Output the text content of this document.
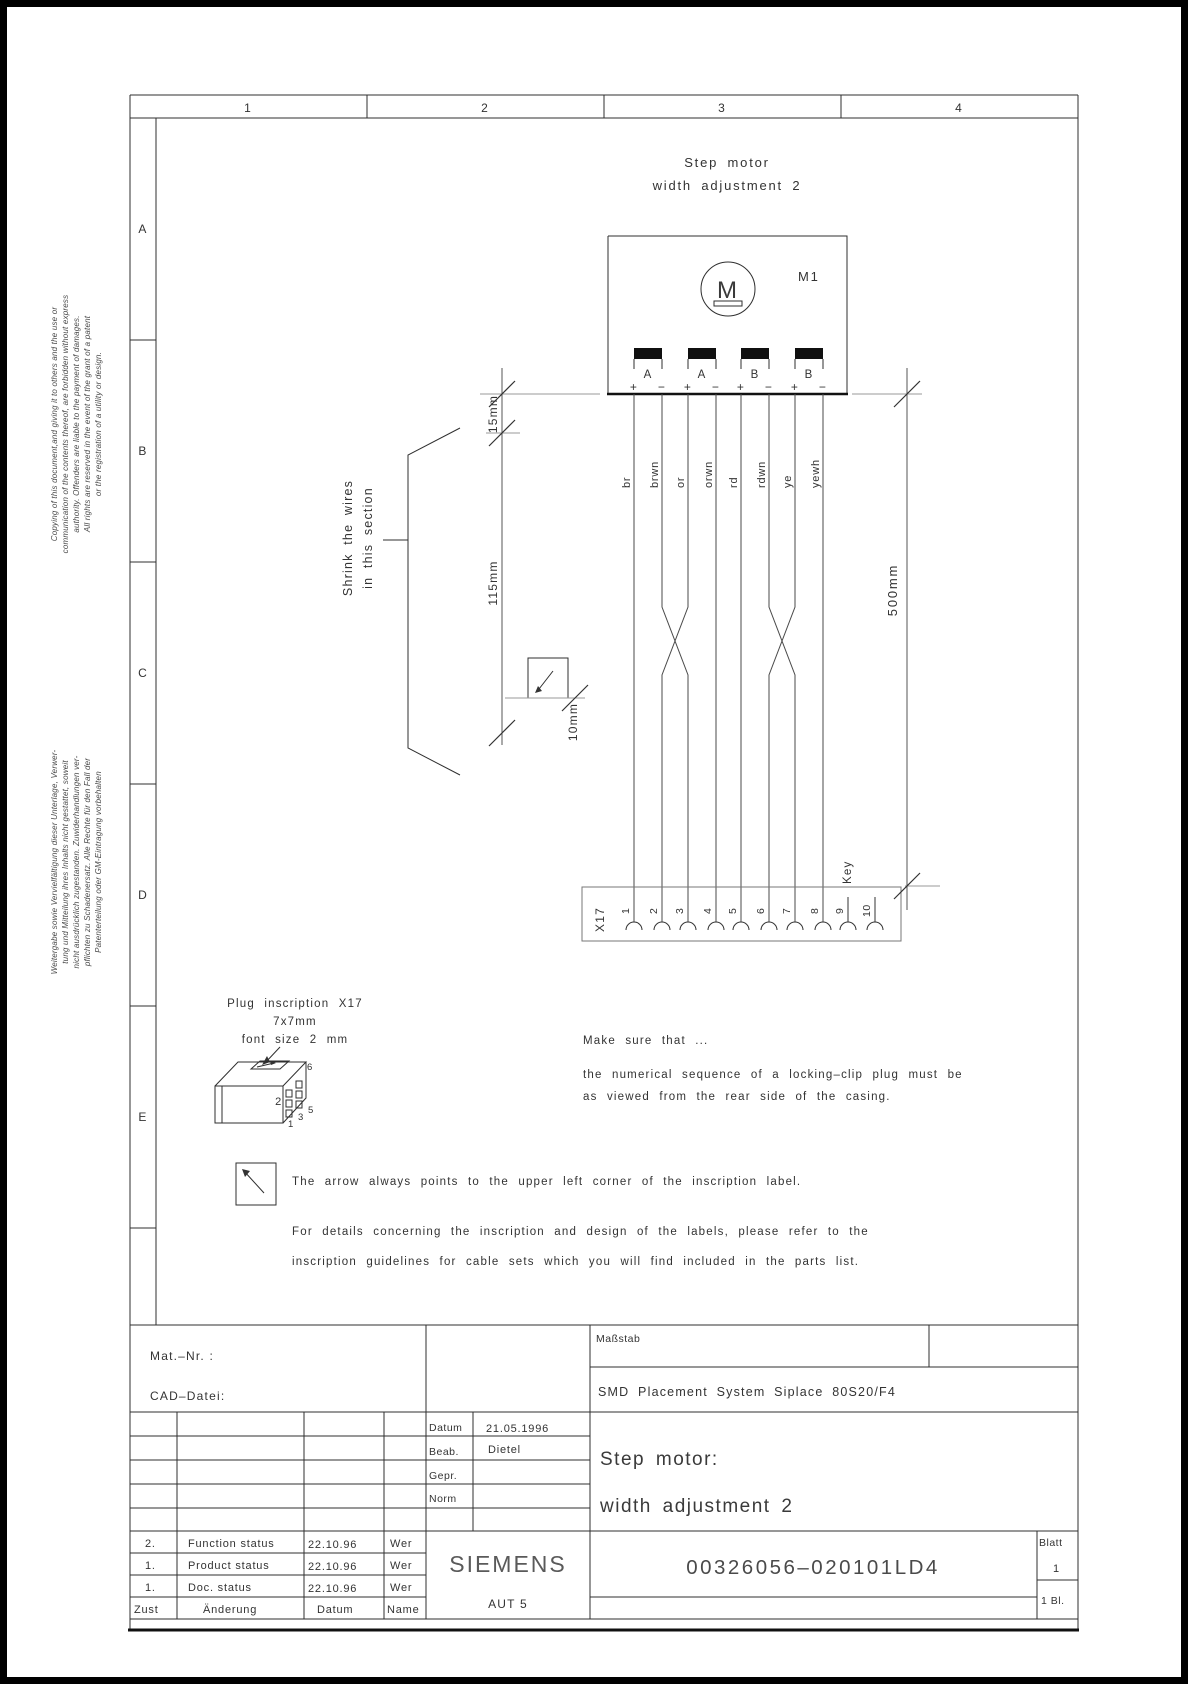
1	2	3	4
A
B
C
D
E
Copying of this document,and giving it to others and the use or communication of the contents thereof, are forbidden without express authority. Offenders are liable to the payment of damages. All rights are reserved in the event of the grant of a patent or the registration of a utility or design.
Weitergabe sowie Vervielfältigung dieser Unterlage, Verwer- tung und Mitteilung ihres Inhalts nicht gestattet, soweit nicht ausdrücklich zugestanden. Zuwiderhandlungen ver- pflichten zu Schadenersatz. Alle Rechte für den Fall der Patenterteilung oder GM-Eintragung vorbehalten
Step motor
width adjustment 2
M
M1
A	A	B	B
+ − + − + − + −
br brwn or orwn rd rdwn ye yewh
X17 1 2 3 4 5 6 7 8 9 10
Key
15mm
115mm
10mm
Shrink the wires in this section
500mm
Plug inscription X17
7x7mm
font size 2 mm
6
2
5
3
1
Make sure that ...
the numerical sequence of a locking–clip plug must be
as viewed from the rear side of the casing.
The arrow always points to the upper left corner of the inscription label.
For details concerning the inscription and design of the labels, please refer to the
inscription guidelines for cable sets which you will find included in the parts list.
Mat.–Nr. :
CAD–Datei:
Maßstab
SMD Placement System Siplace 80S20/F4
Datum 21.05.1996
Beab.	Dietel
Gepr.
Norm
Step motor:
width adjustment 2
2.	Function status	22.10.96	Wer
1.	Product status	22.10.96	Wer
1.	Doc. status	22.10.96	Wer
Zust	Änderung	Datum	Name
SIEMENS
AUT 5
00326056–020101LD4
Blatt
1
1 Bl.
